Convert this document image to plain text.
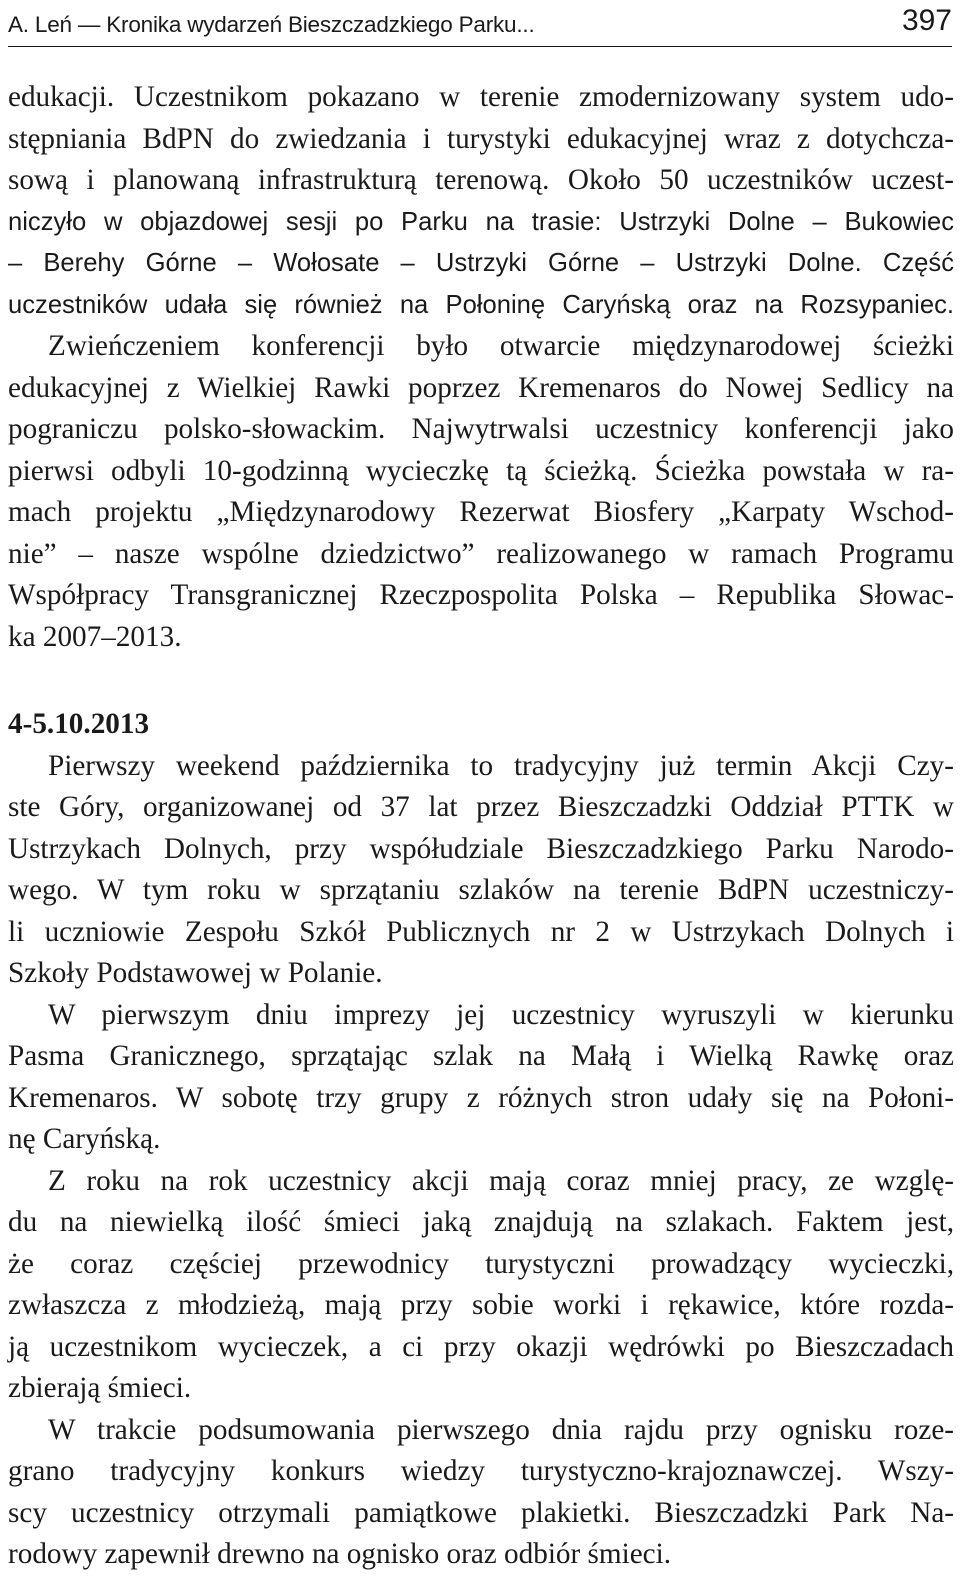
A. Leń — Kronika wydarzeń Bieszczadzkiego Parku...	397
edukacji. Uczestnikom pokazano w terenie zmodernizowany system udo-
stępniania BdPN do zwiedzania i turystyki edukacyjnej wraz z dotychcza-
sową i planowaną infrastrukturą terenową. Około 50 uczestników uczest-
niczyło w objazdowej sesji po Parku na trasie: Ustrzyki Dolne – Bukowiec
– Berehy Górne – Wołosate – Ustrzyki Górne – Ustrzyki Dolne. Część
uczestników udała się również na Połoninę Caryńską oraz na Rozsypaniec.
Zwieńczeniem konferencji było otwarcie międzynarodowej ścieżki
edukacyjnej z Wielkiej Rawki poprzez Kremenaros do Nowej Sedlicy na
pograniczu polsko-słowackim. Najwytrwalsi uczestnicy konferencji jako
pierwsi odbyli 10-godzinną wycieczkę tą ścieżką. Ścieżka powstała w ra-
mach projektu „Międzynarodowy Rezerwat Biosfery „Karpaty Wschod-
nie” – nasze wspólne dziedzictwo” realizowanego w ramach Programu
Współpracy Transgranicznej Rzeczpospolita Polska – Republika Słowac-
ka 2007–2013.
4-5.10.2013
Pierwszy weekend października to tradycyjny już termin Akcji Czy-
ste Góry, organizowanej od 37 lat przez Bieszczadzki Oddział PTTK w
Ustrzykach Dolnych, przy współudziale Bieszczadzkiego Parku Narodo-
wego. W tym roku w sprzątaniu szlaków na terenie BdPN uczestniczy-
li uczniowie Zespołu Szkół Publicznych nr 2 w Ustrzykach Dolnych i
Szkoły Podstawowej w Polanie.
W pierwszym dniu imprezy jej uczestnicy wyruszyli w kierunku
Pasma Granicznego, sprzątając szlak na Małą i Wielką Rawkę oraz
Kremenaros. W sobotę trzy grupy z różnych stron udały się na Połoni-
nę Caryńską.
Z roku na rok uczestnicy akcji mają coraz mniej pracy, ze wzglę-
du na niewielką ilość śmieci jaką znajdują na szlakach. Faktem jest,
że coraz częściej przewodnicy turystyczni prowadzący wycieczki,
zwłaszcza z młodzieżą, mają przy sobie worki i rękawice, które rozda-
ją uczestnikom wycieczek, a ci przy okazji wędrówki po Bieszczadach
zbierają śmieci.
W trakcie podsumowania pierwszego dnia rajdu przy ognisku roze-
grano tradycyjny konkurs wiedzy turystyczno-krajoznawczej. Wszy-
scy uczestnicy otrzymali pamiątkowe plakietki. Bieszczadzki Park Na-
rodowy zapewnił drewno na ognisko oraz odbiór śmieci.
